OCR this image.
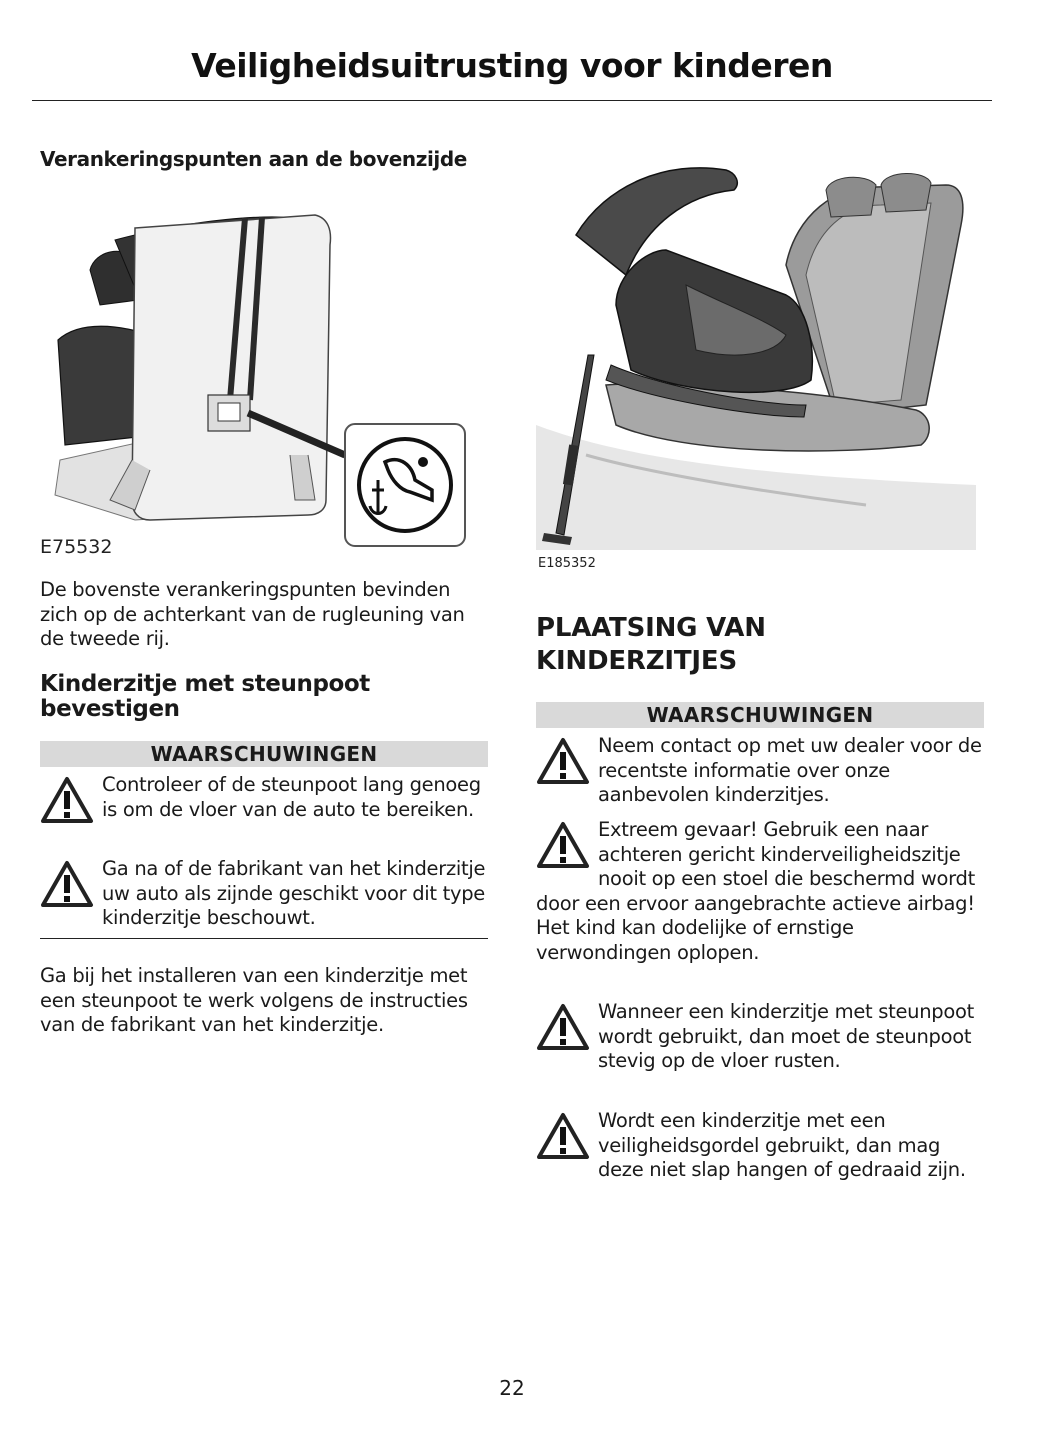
Veiligheidsuitrusting voor kinderen
Verankeringspunten aan de bovenzijde
E75532

De bovenste verankeringspunten bevinden zich op de achterkant van de rugleuning van de tweede rij.

Kinderzitje met steunpoot bevestigen
WAARSCHUWINGEN
Controleer of de steunpoot lang genoeg is om de vloer van de auto te bereiken.
Ga na of de fabrikant van het kinderzitje uw auto als zijnde geschikt voor dit type kinderzitje beschouwt.

Ga bij het installeren van een kinderzitje met een steunpoot te werk volgens de instructies van de fabrikant van het kinderzitje.

E185352
PLAATSING VAN
KINDERZITJES
WAARSCHUWINGEN
Neem contact op met uw dealer voor de recentste informatie over onze aanbevolen kinderzitjes.
Extreem gevaar! Gebruik een naar achteren gericht kinderveiligheidszitje nooit op een stoel die beschermd wordt door een ervoor aangebrachte actieve airbag! Het kind kan dodelijke of ernstige verwondingen oplopen.
Wanneer een kinderzitje met steunpoot wordt gebruikt, dan moet de steunpoot stevig op de vloer rusten.
Wordt een kinderzitje met een veiligheidsgordel gebruikt, dan mag deze niet slap hangen of gedraaid zijn.
22
